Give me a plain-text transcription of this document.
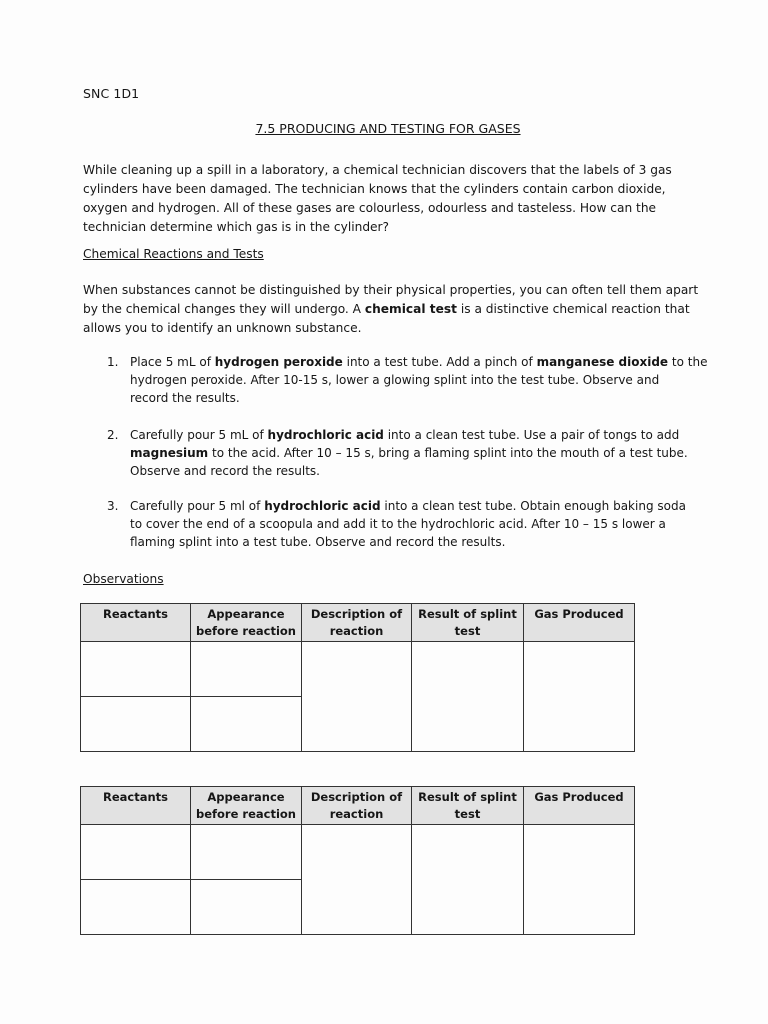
SNC 1D1
7.5 PRODUCING AND TESTING FOR GASES
While cleaning up a spill in a laboratory, a chemical technician discovers that the labels of 3 gas
cylinders have been damaged. The technician knows that the cylinders contain carbon dioxide,
oxygen and hydrogen. All of these gases are colourless, odourless and tasteless. How can the
technician determine which gas is in the cylinder?
Chemical Reactions and Tests
When substances cannot be distinguished by their physical properties, you can often tell them apart
by the chemical changes they will undergo. A chemical test is a distinctive chemical reaction that
allows you to identify an unknown substance.
1. Place 5 mL of hydrogen peroxide into a test tube. Add a pinch of manganese dioxide to the
hydrogen peroxide. After 10-15 s, lower a glowing splint into the test tube. Observe and
record the results.
2. Carefully pour 5 mL of hydrochloric acid into a clean test tube. Use a pair of tongs to add
magnesium to the acid. After 10 – 15 s, bring a flaming splint into the mouth of a test tube.
Observe and record the results.
3. Carefully pour 5 ml of hydrochloric acid into a clean test tube. Obtain enough baking soda
to cover the end of a scoopula and add it to the hydrochloric acid. After 10 – 15 s lower a
flaming splint into a test tube. Observe and record the results.
Observations
Reactants	Appearance
before reaction
Description of
reaction
Result of splint
test
Gas Produced
Reactants	Appearance
before reaction
Description of
reaction
Result of splint
test
Gas Produced
